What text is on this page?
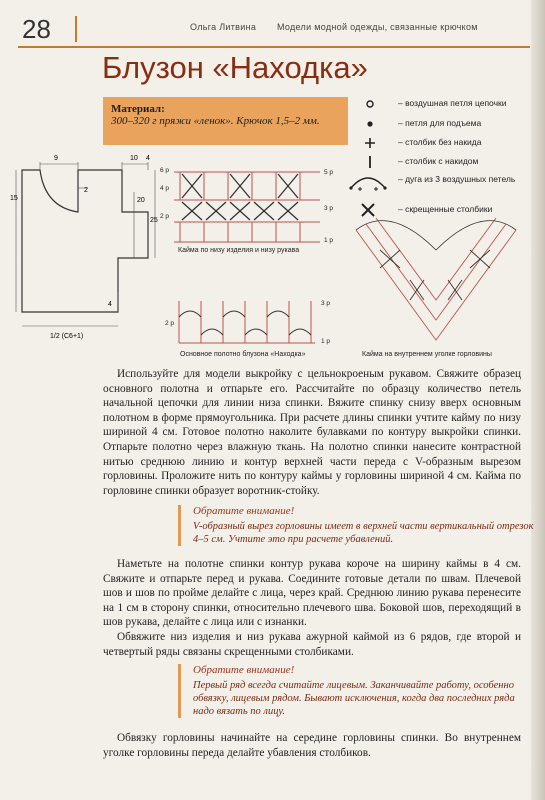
28	Ольга Литвина Модели модной одежды, связанные крючком
Блузон «Находка»
Материал:
300–320 г пряжи «ленок». Крючок 1,5–2 мм.
– воздушная петля цепочки
– петля для подъема
– столбик без накида
– столбик с накидом
– дуга из 3 воздушных петель
– скрещенные столбики
9	10 4
2
15	20
25
4
1/2 (С6+1)
6 р	5 р
4 р
3 р
2 р
1 р
Кайма по низу изделия и низу рукава
3 р
2 р
1 р
Основное полотно блузона «Находка»	Кайма на внутреннем уголке горловины

Используйте для модели выкройку с цельнокроеным рукавом. Свяжите образец основного полотна и отпарьте его. Рассчитайте по образцу количество петель начальной цепочки для линии низа спинки. Вяжите спинку снизу вверх основным полотном в форме прямоугольника. При расчете длины спинки учтите кайму по низу шириной 4 см. Готовое полотно наколите булавками по контуру выкройки спинки. Отпарьте полотно через влажную ткань. На полотно спинки нанесите контрастной нитью среднюю линию и контур верхней части переда с V-образным вырезом горловины. Проложите нить по контуру каймы у горловины шириной 4 см. Кайма по горловине спинки образует воротник-стойку.

Обратите внимание!
V-образный вырез горловины имеет в верхней части вертикальный отрезок 4–5 см. Учтите это при расчете убавлений.

Наметьте на полотне спинки контур рукава короче на ширину каймы в 4 см. Свяжите и отпарьте перед и рукава. Соедините готовые детали по швам. Плечевой шов и шов по пройме делайте с лица, через край. Среднюю линию рукава перенесите на 1 см в сторону спинки, относительно плечевого шва. Боковой шов, переходящий в шов рукава, делайте с лица или с изнанки.

Обвяжите низ изделия и низ рукава ажурной каймой из 6 рядов, где второй и четвертый ряды связаны скрещенными столбиками.

Обратите внимание!
Первый ряд всегда считайте лицевым. Заканчивайте работу, особенно обвязку, лицевым рядом. Бывают исключения, когда два последних ряда надо вязать по лицу.

Обвязку горловины начинайте на середине горловины спинки. Во внутреннем уголке горловины переда делайте убавления столбиков.
